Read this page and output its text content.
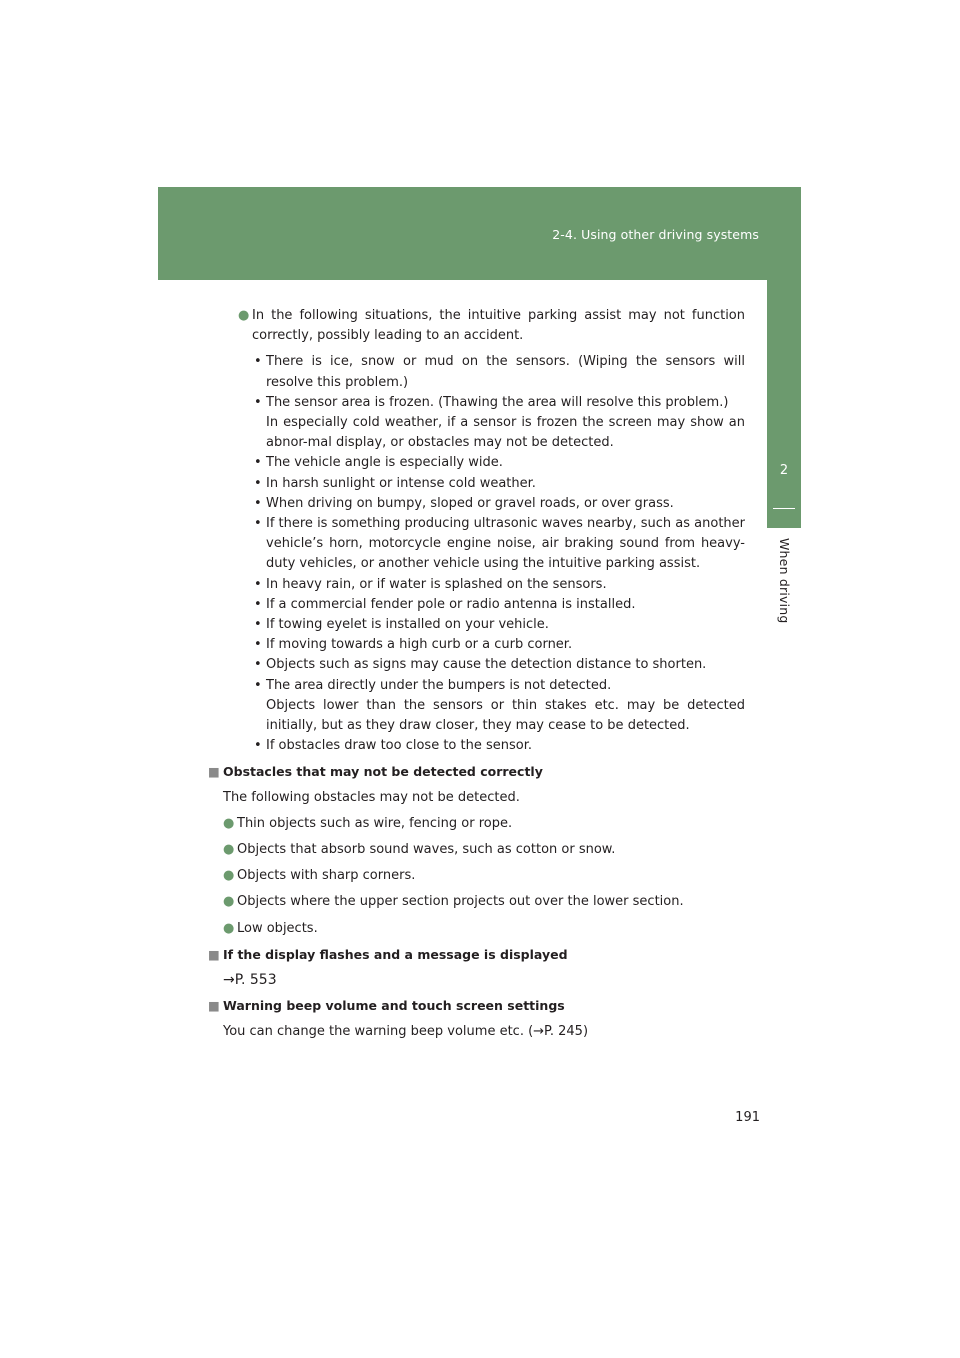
2-4. Using other driving systems
2
When driving
● In the following situations, the intuitive parking assist may not function correctly, possibly leading to an accident.
• There is ice, snow or mud on the sensors. (Wiping the sensors will resolve this problem.)
• The sensor area is frozen. (Thawing the area will resolve this problem.)
In especially cold weather, if a sensor is frozen the screen may show an abnor-mal display, or obstacles may not be detected.
• The vehicle angle is especially wide.
• In harsh sunlight or intense cold weather.
• When driving on bumpy, sloped or gravel roads, or over grass.
• If there is something producing ultrasonic waves nearby, such as another vehicle’s horn, motorcycle engine noise, air braking sound from heavy-duty vehicles, or another vehicle using the intuitive parking assist.
• In heavy rain, or if water is splashed on the sensors.
• If a commercial fender pole or radio antenna is installed.
• If towing eyelet is installed on your vehicle.
• If moving towards a high curb or a curb corner.
• Objects such as signs may cause the detection distance to shorten.
• The area directly under the bumpers is not detected.
Objects lower than the sensors or thin stakes etc. may be detected initially, but as they draw closer, they may cease to be detected.
• If obstacles draw too close to the sensor.
■ Obstacles that may not be detected correctly
The following obstacles may not be detected.
● Thin objects such as wire, fencing or rope.
● Objects that absorb sound waves, such as cotton or snow.
● Objects with sharp corners.
● Objects where the upper section projects out over the lower section.
● Low objects.
■ If the display flashes and a message is displayed
→P. 553
■ Warning beep volume and touch screen settings
You can change the warning beep volume etc. (→P. 245)
191
